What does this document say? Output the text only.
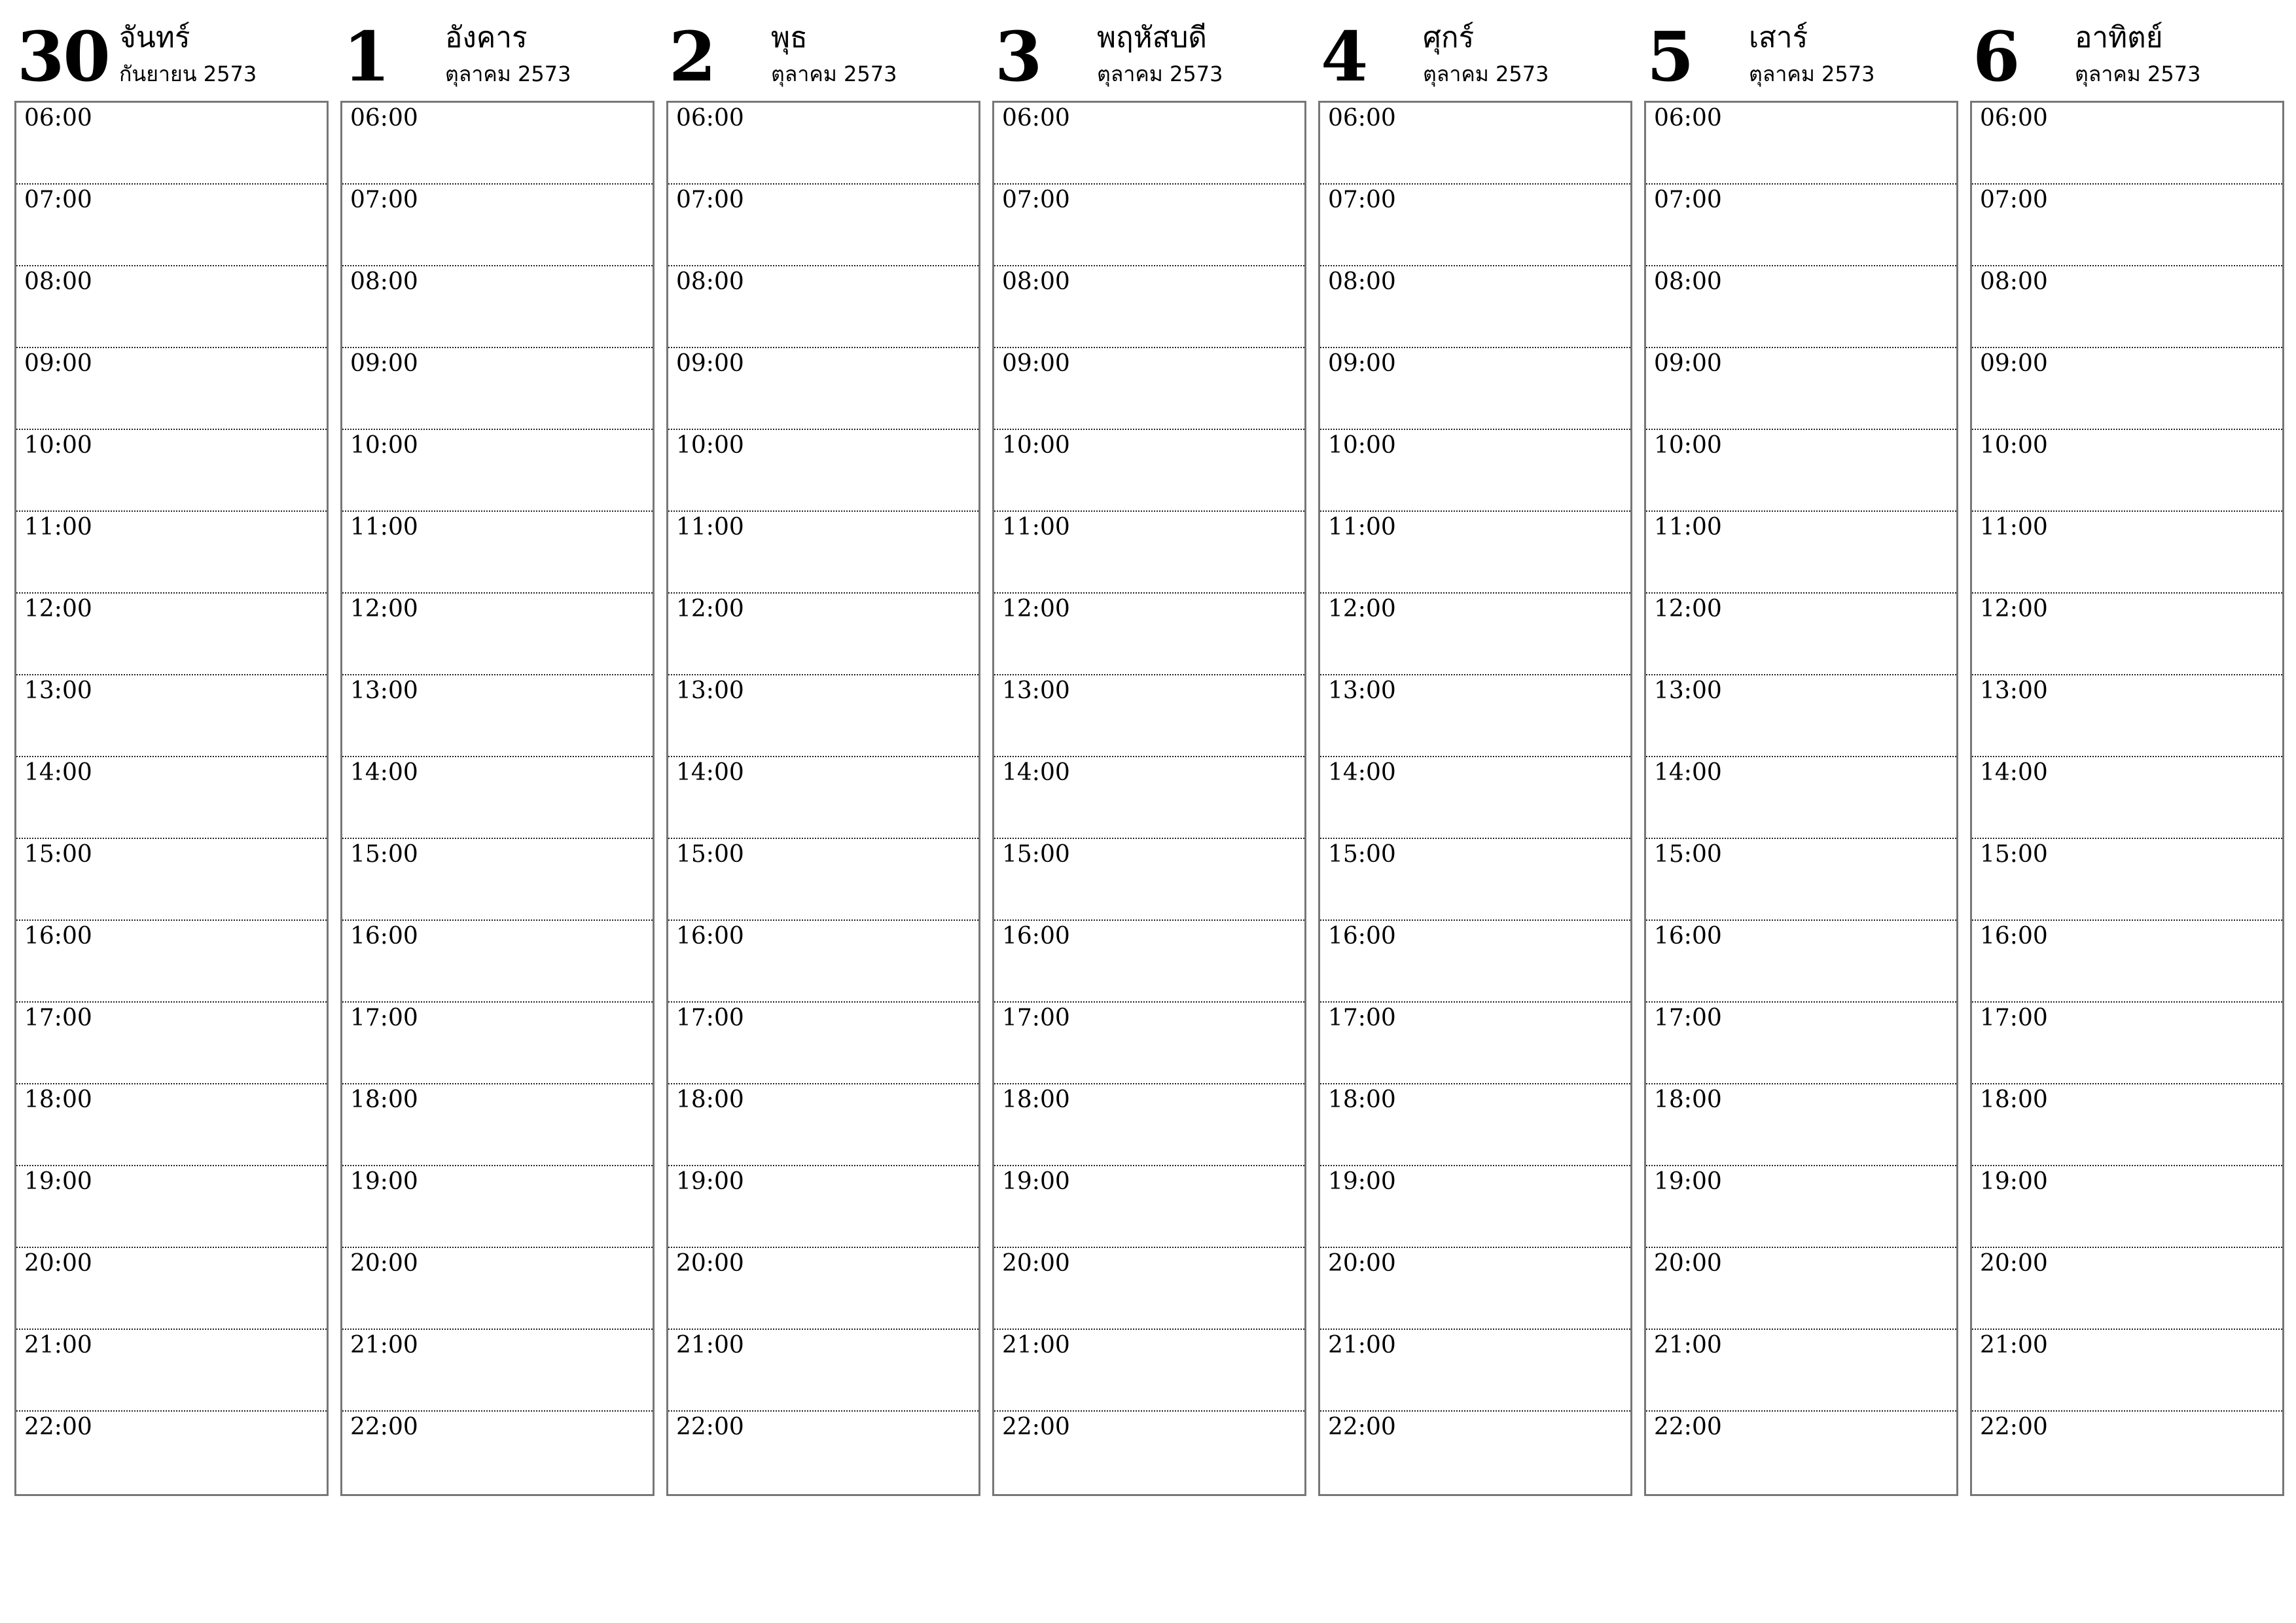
30 จันทร์
กันยายน 2573
06:00
07:00
08:00
09:00
10:00
11:00
12:00
13:00
14:00
15:00
16:00
17:00
18:00
19:00
20:00
21:00
22:00
1 อังคาร
ตุลาคม 2573
06:00
07:00
08:00
09:00
10:00
11:00
12:00
13:00
14:00
15:00
16:00
17:00
18:00
19:00
20:00
21:00
22:00
2 พุธ
ตุลาคม 2573
06:00
07:00
08:00
09:00
10:00
11:00
12:00
13:00
14:00
15:00
16:00
17:00
18:00
19:00
20:00
21:00
22:00
3 พฤหัสบดี
ตุลาคม 2573
06:00
07:00
08:00
09:00
10:00
11:00
12:00
13:00
14:00
15:00
16:00
17:00
18:00
19:00
20:00
21:00
22:00
4 ศุกร์
ตุลาคม 2573
06:00
07:00
08:00
09:00
10:00
11:00
12:00
13:00
14:00
15:00
16:00
17:00
18:00
19:00
20:00
21:00
22:00
5 เสาร์
ตุลาคม 2573
06:00
07:00
08:00
09:00
10:00
11:00
12:00
13:00
14:00
15:00
16:00
17:00
18:00
19:00
20:00
21:00
22:00
6 อาทิตย์
ตุลาคม 2573
06:00
07:00
08:00
09:00
10:00
11:00
12:00
13:00
14:00
15:00
16:00
17:00
18:00
19:00
20:00
21:00
22:00
